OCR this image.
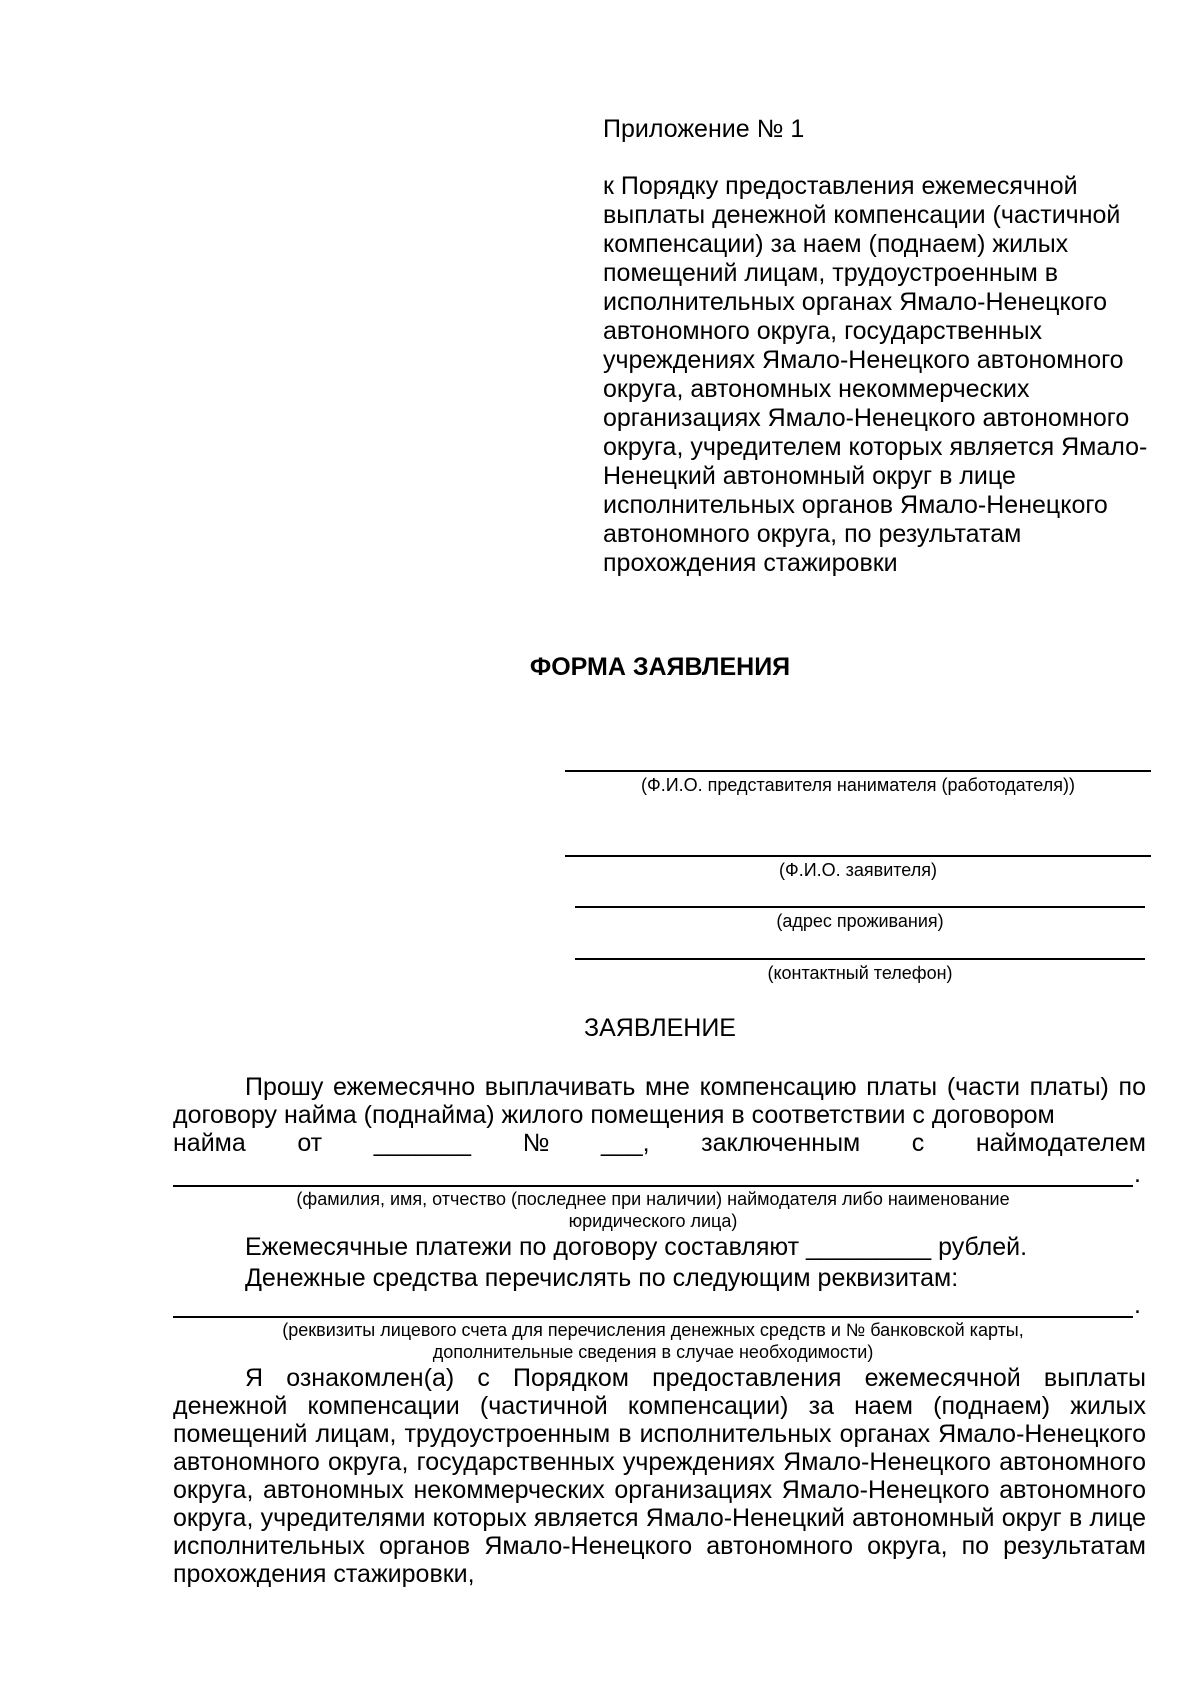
Приложение № 1
к Порядку предоставления ежемесячной выплаты денежной компенсации (частичной компенсации) за наем (поднаем) жилых помещений лицам, трудоустроенным в исполнительных органах Ямало-Ненецкого автономного округа, государственных учреждениях Ямало-Ненецкого автономного округа, автономных некоммерческих организациях Ямало-Ненецкого автономного округа, учредителем которых является Ямало-Ненецкий автономный округ в лице исполнительных органов Ямало-Ненецкого автономного округа, по результатам прохождения стажировки
ФОРМА ЗАЯВЛЕНИЯ
(Ф.И.О. представителя нанимателя (работодателя))
(Ф.И.О. заявителя)
(адрес проживания)
(контактный телефон)
ЗАЯВЛЕНИЕ
Прошу ежемесячно выплачивать мне компенсацию платы (части платы) по договору найма (поднайма) жилого помещения в соответствии с договором
найма от _______ № ___, заключенным с наймодателем
.
(фамилия, имя, отчество (последнее при наличии) наймодателя либо наименование
юридического лица)
Ежемесячные платежи по договору составляют _________ рублей.
Денежные средства перечислять по следующим реквизитам:
.
(реквизиты лицевого счета для перечисления денежных средств и № банковской карты,
дополнительные сведения в случае необходимости)
Я ознакомлен(а) с Порядком предоставления ежемесячной выплаты денежной компенсации (частичной компенсации) за наем (поднаем) жилых помещений лицам, трудоустроенным в исполнительных органах Ямало-Ненецкого автономного округа, государственных учреждениях Ямало-Ненецкого автономного округа, автономных некоммерческих организациях Ямало-Ненецкого автономного округа, учредителями которых является Ямало-Ненецкий автономный округ в лице исполнительных органов Ямало-Ненецкого автономного округа, по результатам прохождения стажировки,
